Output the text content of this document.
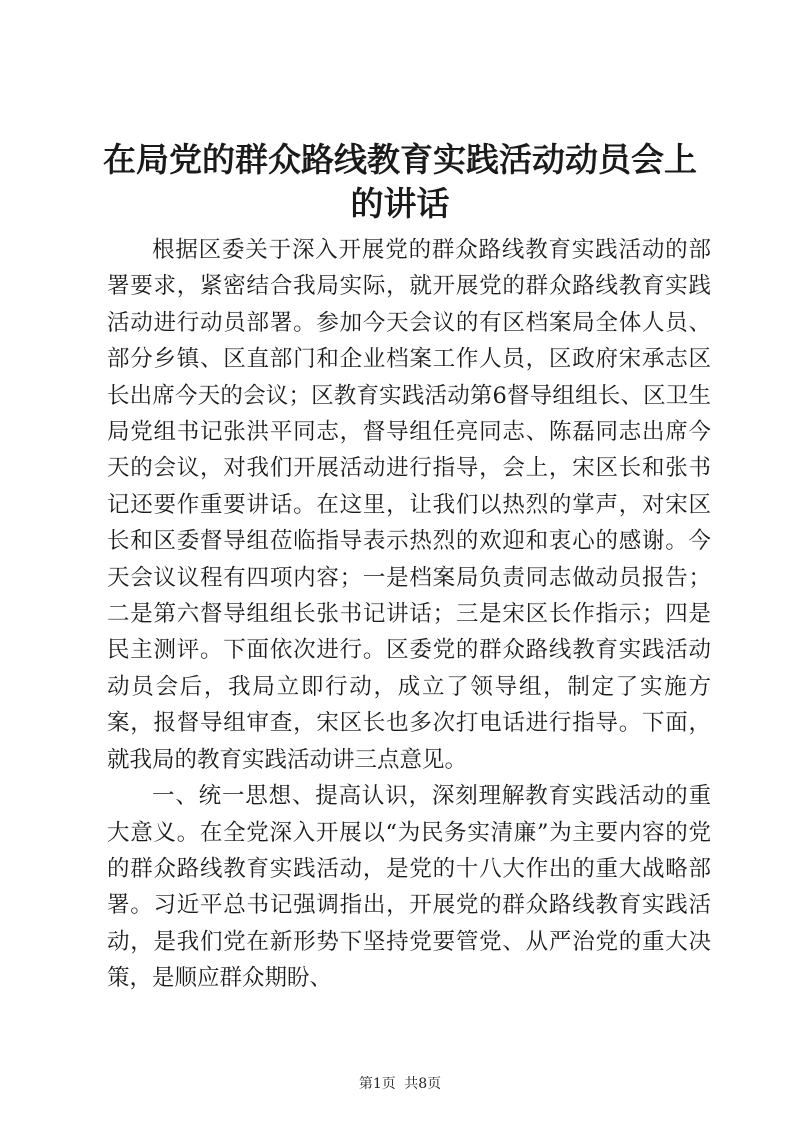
在局党的群众路线教育实践活动动员会上的讲话

根据区委关于深入开展党的群众路线教育实践活动的部署要求，紧密结合我局实际，就开展党的群众路线教育实践活动进行动员部署。参加今天会议的有区档案局全体人员、部分乡镇、区直部门和企业档案工作人员，区政府宋承志区长出席今天的会议；区教育实践活动第6督导组组长、区卫生局党组书记张洪平同志，督导组任亮同志、陈磊同志出席今天的会议，对我们开展活动进行指导，会上，宋区长和张书记还要作重要讲话。在这里，让我们以热烈的掌声，对宋区长和区委督导组莅临指导表示热烈的欢迎和衷心的感谢。今天会议议程有四项内容；一是档案局负责同志做动员报告；二是第六督导组组长张书记讲话；三是宋区长作指示；四是民主测评。下面依次进行。区委党的群众路线教育实践活动动员会后，我局立即行动，成立了领导组，制定了实施方案，报督导组审查，宋区长也多次打电话进行指导。下面，就我局的教育实践活动讲三点意见。

一、统一思想、提高认识，深刻理解教育实践活动的重大意义。在全党深入开展以“为民务实清廉”为主要内容的党的群众路线教育实践活动，是党的十八大作出的重大战略部署。习近平总书记强调指出，开展党的群众路线教育实践活动，是我们党在新形势下坚持党要管党、从严治党的重大决策，是顺应群众期盼、

第1页 共8页
